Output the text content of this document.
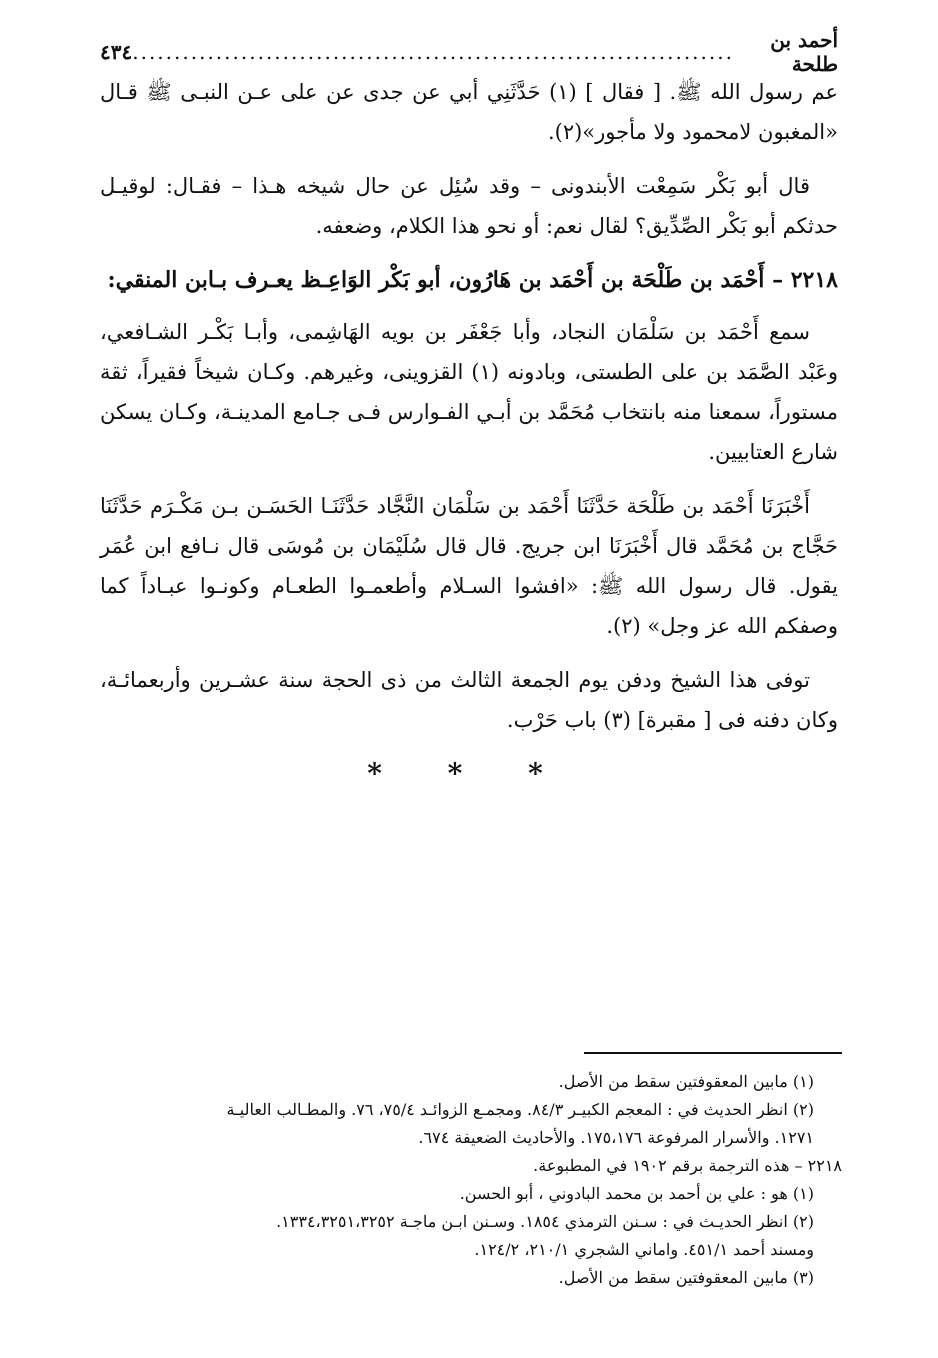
أحمد بن طلحة
........................................................................
٤٣٤

عم رسول الله ﷺ. [ فقال ] (١) حَدَّثَنِي أبي عن جدى عن على عـن النبـى ﷺ قـال «المغبون لامحمود ولا مأجور»(٢).

قال أبو بَكْر سَمِعْت الأبندونى – وقد سُئِل عن حال شيخه هـذا – فقـال: لوقيـل حدثكم أبو بَكْر الصِّدِّيق؟ لقال نعم: أو نحو هذا الكلام، وضعفه.

٢٢١٨ – أَحْمَد بن طَلْحَة بن أَحْمَد بن هَارُون، أبو بَكْر الوَاعِـظ يعـرف بـابن المنقي:

سمع أَحْمَد بن سَلْمَان النجاد، وأبا جَعْفَر بن بويه الهَاشِمى، وأبـا بَكْـر الشـافعي، وعَبْد الصَّمَد بن على الطستى، وبادونه (١) القزوينى، وغيرهم. وكـان شيخاً فقيراً، ثقة مستوراً، سمعنا منه بانتخاب مُحَمَّد بن أبـي الفـوارس فـى جـامع المدينـة، وكـان يسكن شارع العتابيين.

أَخْبَرَنَا أَحْمَد بن طَلْحَة حَدَّثَنَا أَحْمَد بن سَلْمَان النَّجَّاد حَدَّثَنَـا الحَسَـن بـن مَكْـرَم حَدَّثَنَا حَجَّاج بن مُحَمَّد قال أَخْبَرَنَا ابن جريج. قال قال سُلَيْمَان بن مُوسَى قال نـافع ابن عُمَر يقول. قال رسول الله ﷺ: «افشوا السـلام وأطعمـوا الطعـام وكونـوا عبـاداً كما وصفكم الله عز وجل» (٢).

توفى هذا الشيخ ودفن يوم الجمعة الثالث من ذى الحجة سنة عشـرين وأربعمائـة، وكان دفنه فى [ مقبرة] (٣) باب حَرْب.

* * *

(١) مابين المعقوفتين سقط من الأصل.

(٢) انظر الحديث في : المعجم الكبيـر ٨٤/٣. ومجمـع الزوائـد ٧٥/٤، ٧٦. والمطـالب العاليـة

١٢٧١. والأسرار المرفوعة ١٧٥،١٧٦. والأحاديث الضعيفة ٦٧٤.

٢٢١٨ – هذه الترجمة برقم ١٩٠٢ في المطبوعة.

(١) هو : علي بن أحمد بن محمد البادوني ، أبو الحسن.

(٢) انظر الحديـث في : سـنن الترمذي ١٨٥٤. وسـنن ابـن ماجـة ١٣٣٤،٣٢٥١،٣٢٥٢.

ومسند أحمد ٤٥١/١. واماني الشجري ٢١٠/١، ١٢٤/٢.

(٣) مابين المعقوفتين سقط من الأصل.
